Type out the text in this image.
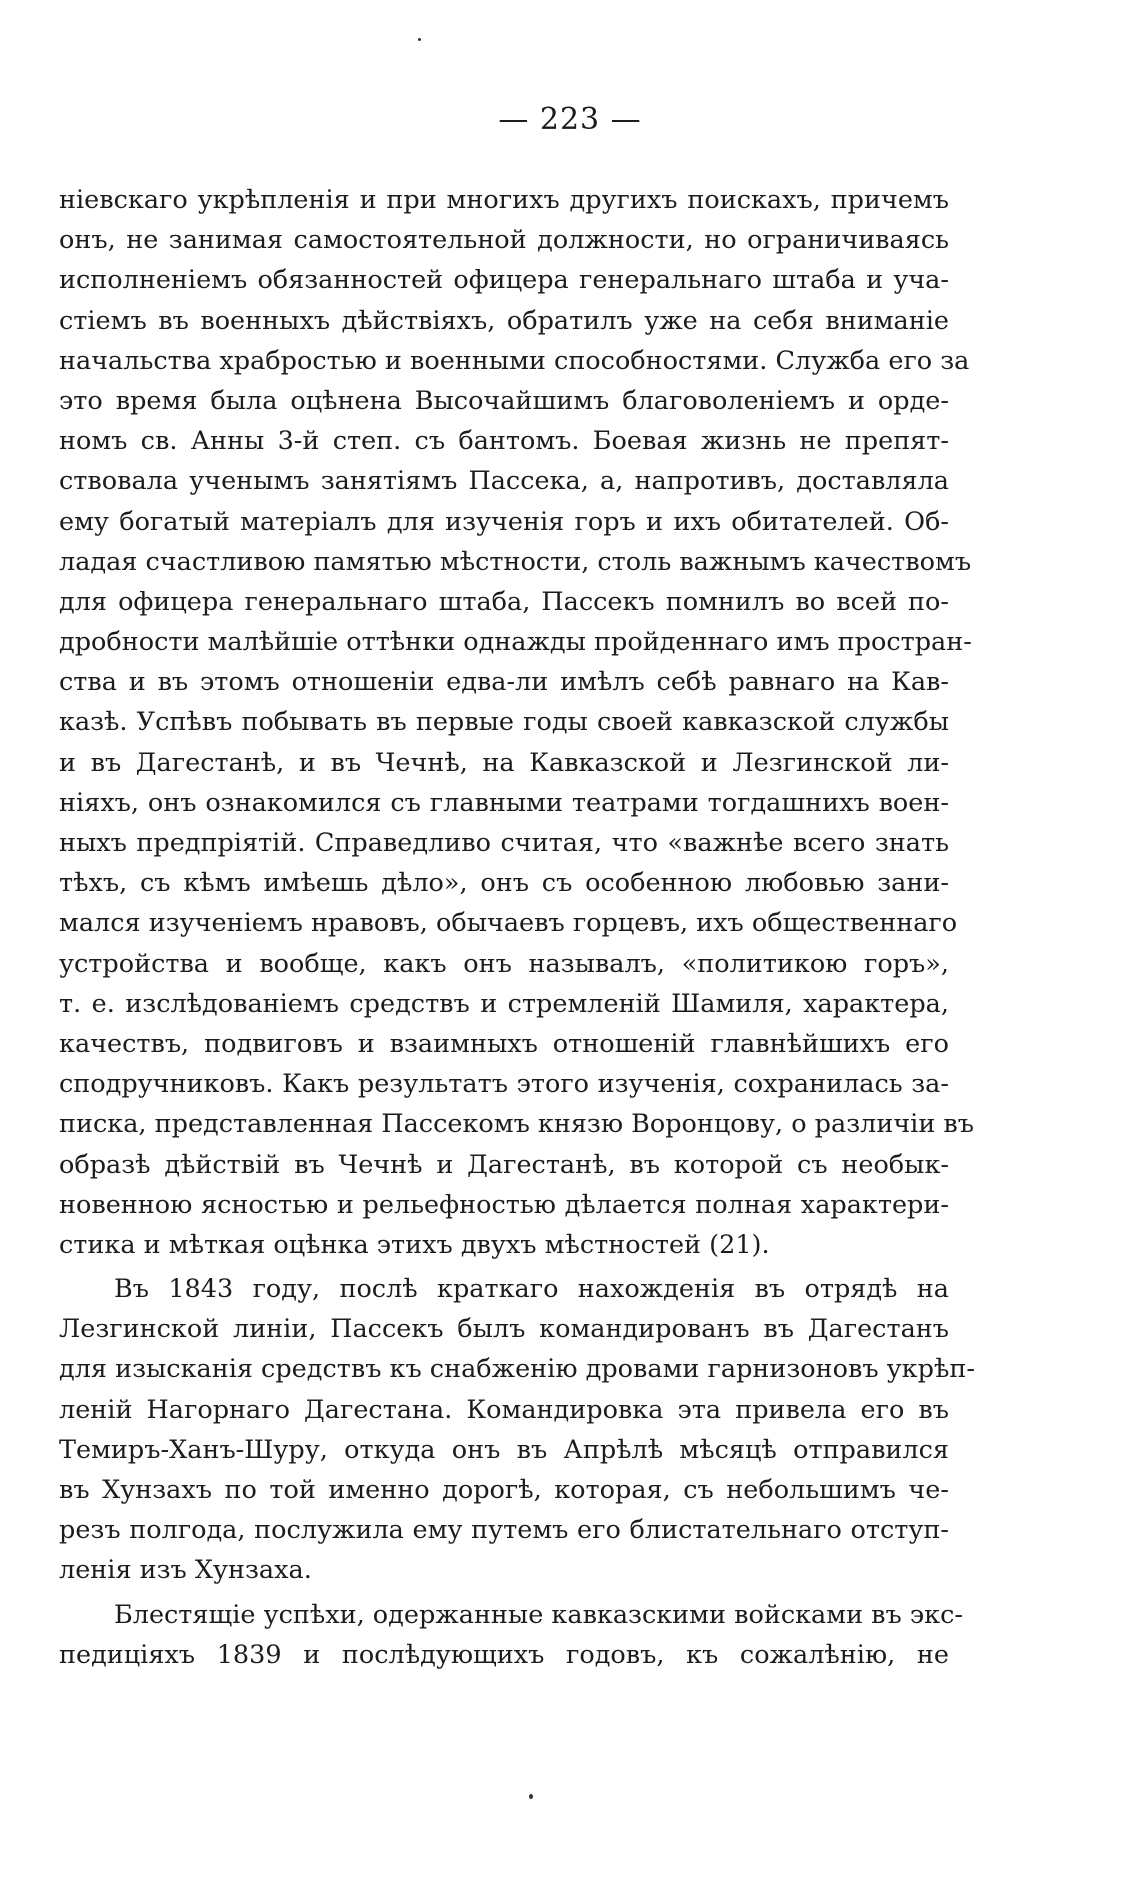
— 223 —
ніевскаго укрѣпленія и при многихъ другихъ поискахъ, причемъ
онъ, не занимая самостоятельной должности, но ограничиваясь
исполненіемъ обязанностей офицера генеральнаго штаба и уча-
стіемъ въ военныхъ дѣйствіяхъ, обратилъ уже на себя вниманіе
начальства храбростью и военными способностями. Служба его за
это время была оцѣнена Высочайшимъ благоволеніемъ и орде-
номъ св. Анны 3-й степ. съ бантомъ. Боевая жизнь не препят-
ствовала ученымъ занятіямъ Пассека, а, напротивъ, доставляла
ему богатый матеріалъ для изученія горъ и ихъ обитателей. Об-
ладая счастливою памятью мѣстности, столь важнымъ качествомъ
для офицера генеральнаго штаба, Пассекъ помнилъ во всей по-
дробности малѣйшіе оттѣнки однажды пройденнаго имъ простран-
ства и въ этомъ отношеніи едва-ли имѣлъ себѣ равнаго на Кав-
казѣ. Успѣвъ побывать въ первые годы своей кавказской службы
и въ Дагестанѣ, и въ Чечнѣ, на Кавказской и Лезгинской ли-
ніяхъ, онъ ознакомился съ главными театрами тогдашнихъ воен-
ныхъ предпріятій. Справедливо считая, что «важнѣе всего знать
тѣхъ, съ кѣмъ имѣешь дѣло», онъ съ особенною любовью зани-
мался изученіемъ нравовъ, обычаевъ горцевъ, ихъ общественнаго
устройства и вообще, какъ онъ называлъ, «политикою горъ»,
т. е. изслѣдованіемъ средствъ и стремленій Шамиля, характера,
качествъ, подвиговъ и взаимныхъ отношеній главнѣйшихъ его
сподручниковъ. Какъ результатъ этого изученія, сохранилась за-
писка, представленная Пассекомъ князю Воронцову, о различіи въ
образѣ дѣйствій въ Чечнѣ и Дагестанѣ, въ которой съ необык-
новенною ясностью и рельефностью дѣлается полная характери-
стика и мѣткая оцѣнка этихъ двухъ мѣстностей (21).
Въ 1843 году, послѣ краткаго нахожденія въ отрядѣ на
Лезгинской линіи, Пассекъ былъ командированъ въ Дагестанъ
для изысканія средствъ къ снабженію дровами гарнизоновъ укрѣп-
леній Нагорнаго Дагестана. Командировка эта привела его въ
Темиръ-Ханъ-Шуру, откуда онъ въ Апрѣлѣ мѣсяцѣ отправился
въ Хунзахъ по той именно дорогѣ, которая, съ небольшимъ че-
резъ полгода, послужила ему путемъ его блистательнаго отступ-
ленія изъ Хунзаха.
Блестящіе успѣхи, одержанные кавказскими войсками въ экс-
педиціяхъ 1839 и послѣдующихъ годовъ, къ сожалѣнію, не
